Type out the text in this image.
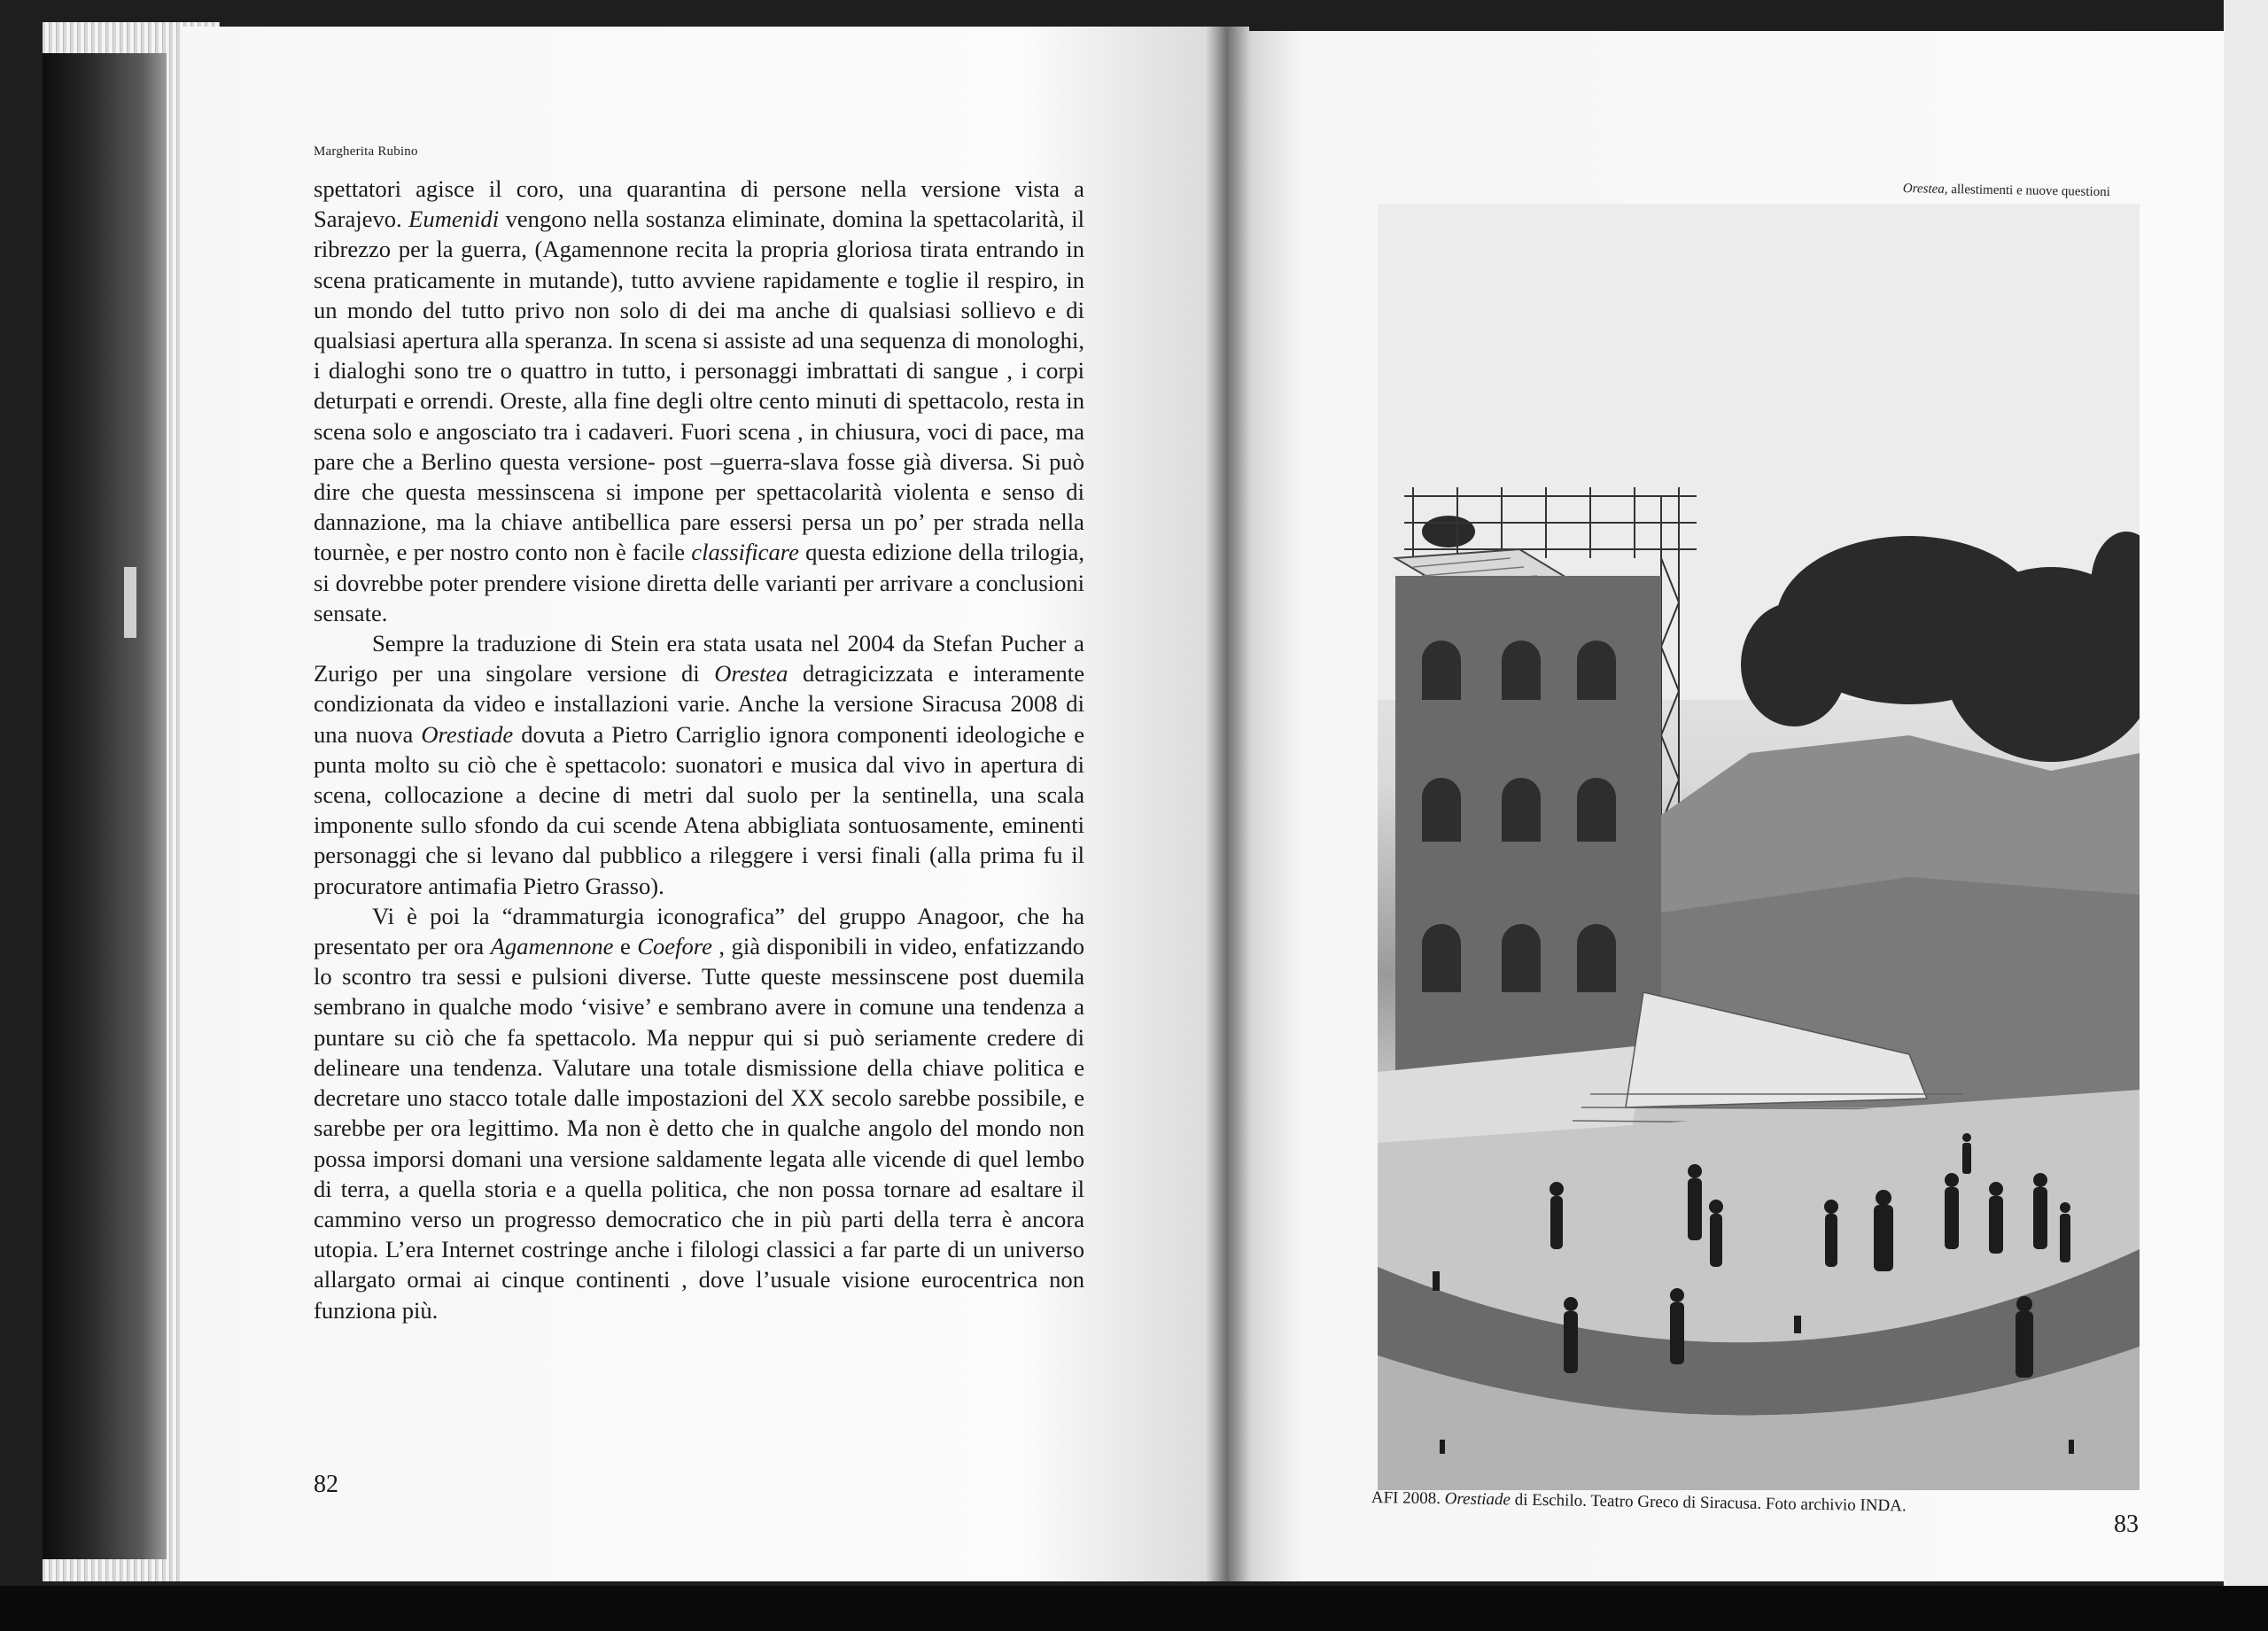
Margherita Rubino

spettatori agisce il coro, una quarantina di persone nella versione vista a Sarajevo. Eumenidi vengono nella sostanza eliminate, domina la spettacolarità, il ribrezzo per la guerra, (Agamennone recita la propria gloriosa tirata entrando in scena praticamente in mutande), tutto avviene rapidamente e toglie il respiro, in un mondo del tutto privo non solo di dei ma anche di qualsiasi sollievo e di qualsiasi apertura alla speranza. In scena si assiste ad una sequenza di monologhi, i dialoghi sono tre o quattro in tutto, i personaggi imbrattati di sangue , i corpi deturpati e orrendi. Oreste, alla fine degli oltre cento minuti di spettacolo, resta in scena solo e angosciato tra i cadaveri. Fuori scena , in chiusura, voci di pace, ma pare che a Berlino questa versione- post –guerra-slava fosse già diversa. Si può dire che questa messinscena si impone per spettacolarità violenta e senso di dannazione, ma la chiave antibellica pare essersi persa un po’ per strada nella tournèe, e per nostro conto non è facile classificare questa edizione della trilogia, si dovrebbe poter prendere visione diretta delle varianti per arrivare a conclusioni sensate.

Sempre la traduzione di Stein era stata usata nel 2004 da Stefan Pucher a Zurigo per una singolare versione di Orestea detragicizzata e interamente condizionata da video e installazioni varie. Anche la versione Siracusa 2008 di una nuova Orestiade dovuta a Pietro Carriglio ignora componenti ideologiche e punta molto su ciò che è spettacolo: suonatori e musica dal vivo in apertura di scena, collocazione a decine di metri dal suolo per la sentinella, una scala imponente sullo sfondo da cui scende Atena abbigliata sontuosamente, eminenti personaggi che si levano dal pubblico a rileggere i versi finali (alla prima fu il procuratore antimafia Pietro Grasso).

Vi è poi la “drammaturgia iconografica” del gruppo Anagoor, che ha presentato per ora Agamennone e Coefore , già disponibili in video, enfatizzando lo scontro tra sessi e pulsioni diverse. Tutte queste messinscene post duemila sembrano in qualche modo ‘visive’ e sembrano avere in comune una tendenza a puntare su ciò che fa spettacolo. Ma neppur qui si può seriamente credere di delineare una tendenza. Valutare una totale dismissione della chiave politica e decretare uno stacco totale dalle impostazioni del XX secolo sarebbe possibile, e sarebbe per ora legittimo. Ma non è detto che in qualche angolo del mondo non possa imporsi domani una versione saldamente legata alle vicende di quel lembo di terra, a quella storia e a quella politica, che non possa tornare ad esaltare il cammino verso un progresso democratico che in più parti della terra è ancora utopia. L’era Internet costringe anche i filologi classici a far parte di un universo allargato ormai ai cinque continenti , dove l’usuale visione eurocentrica non funziona più.

82
Orestea, allestimenti e nuove questioni
AFI 2008. Orestiade di Eschilo. Teatro Greco di Siracusa. Foto archivio INDA.
83
